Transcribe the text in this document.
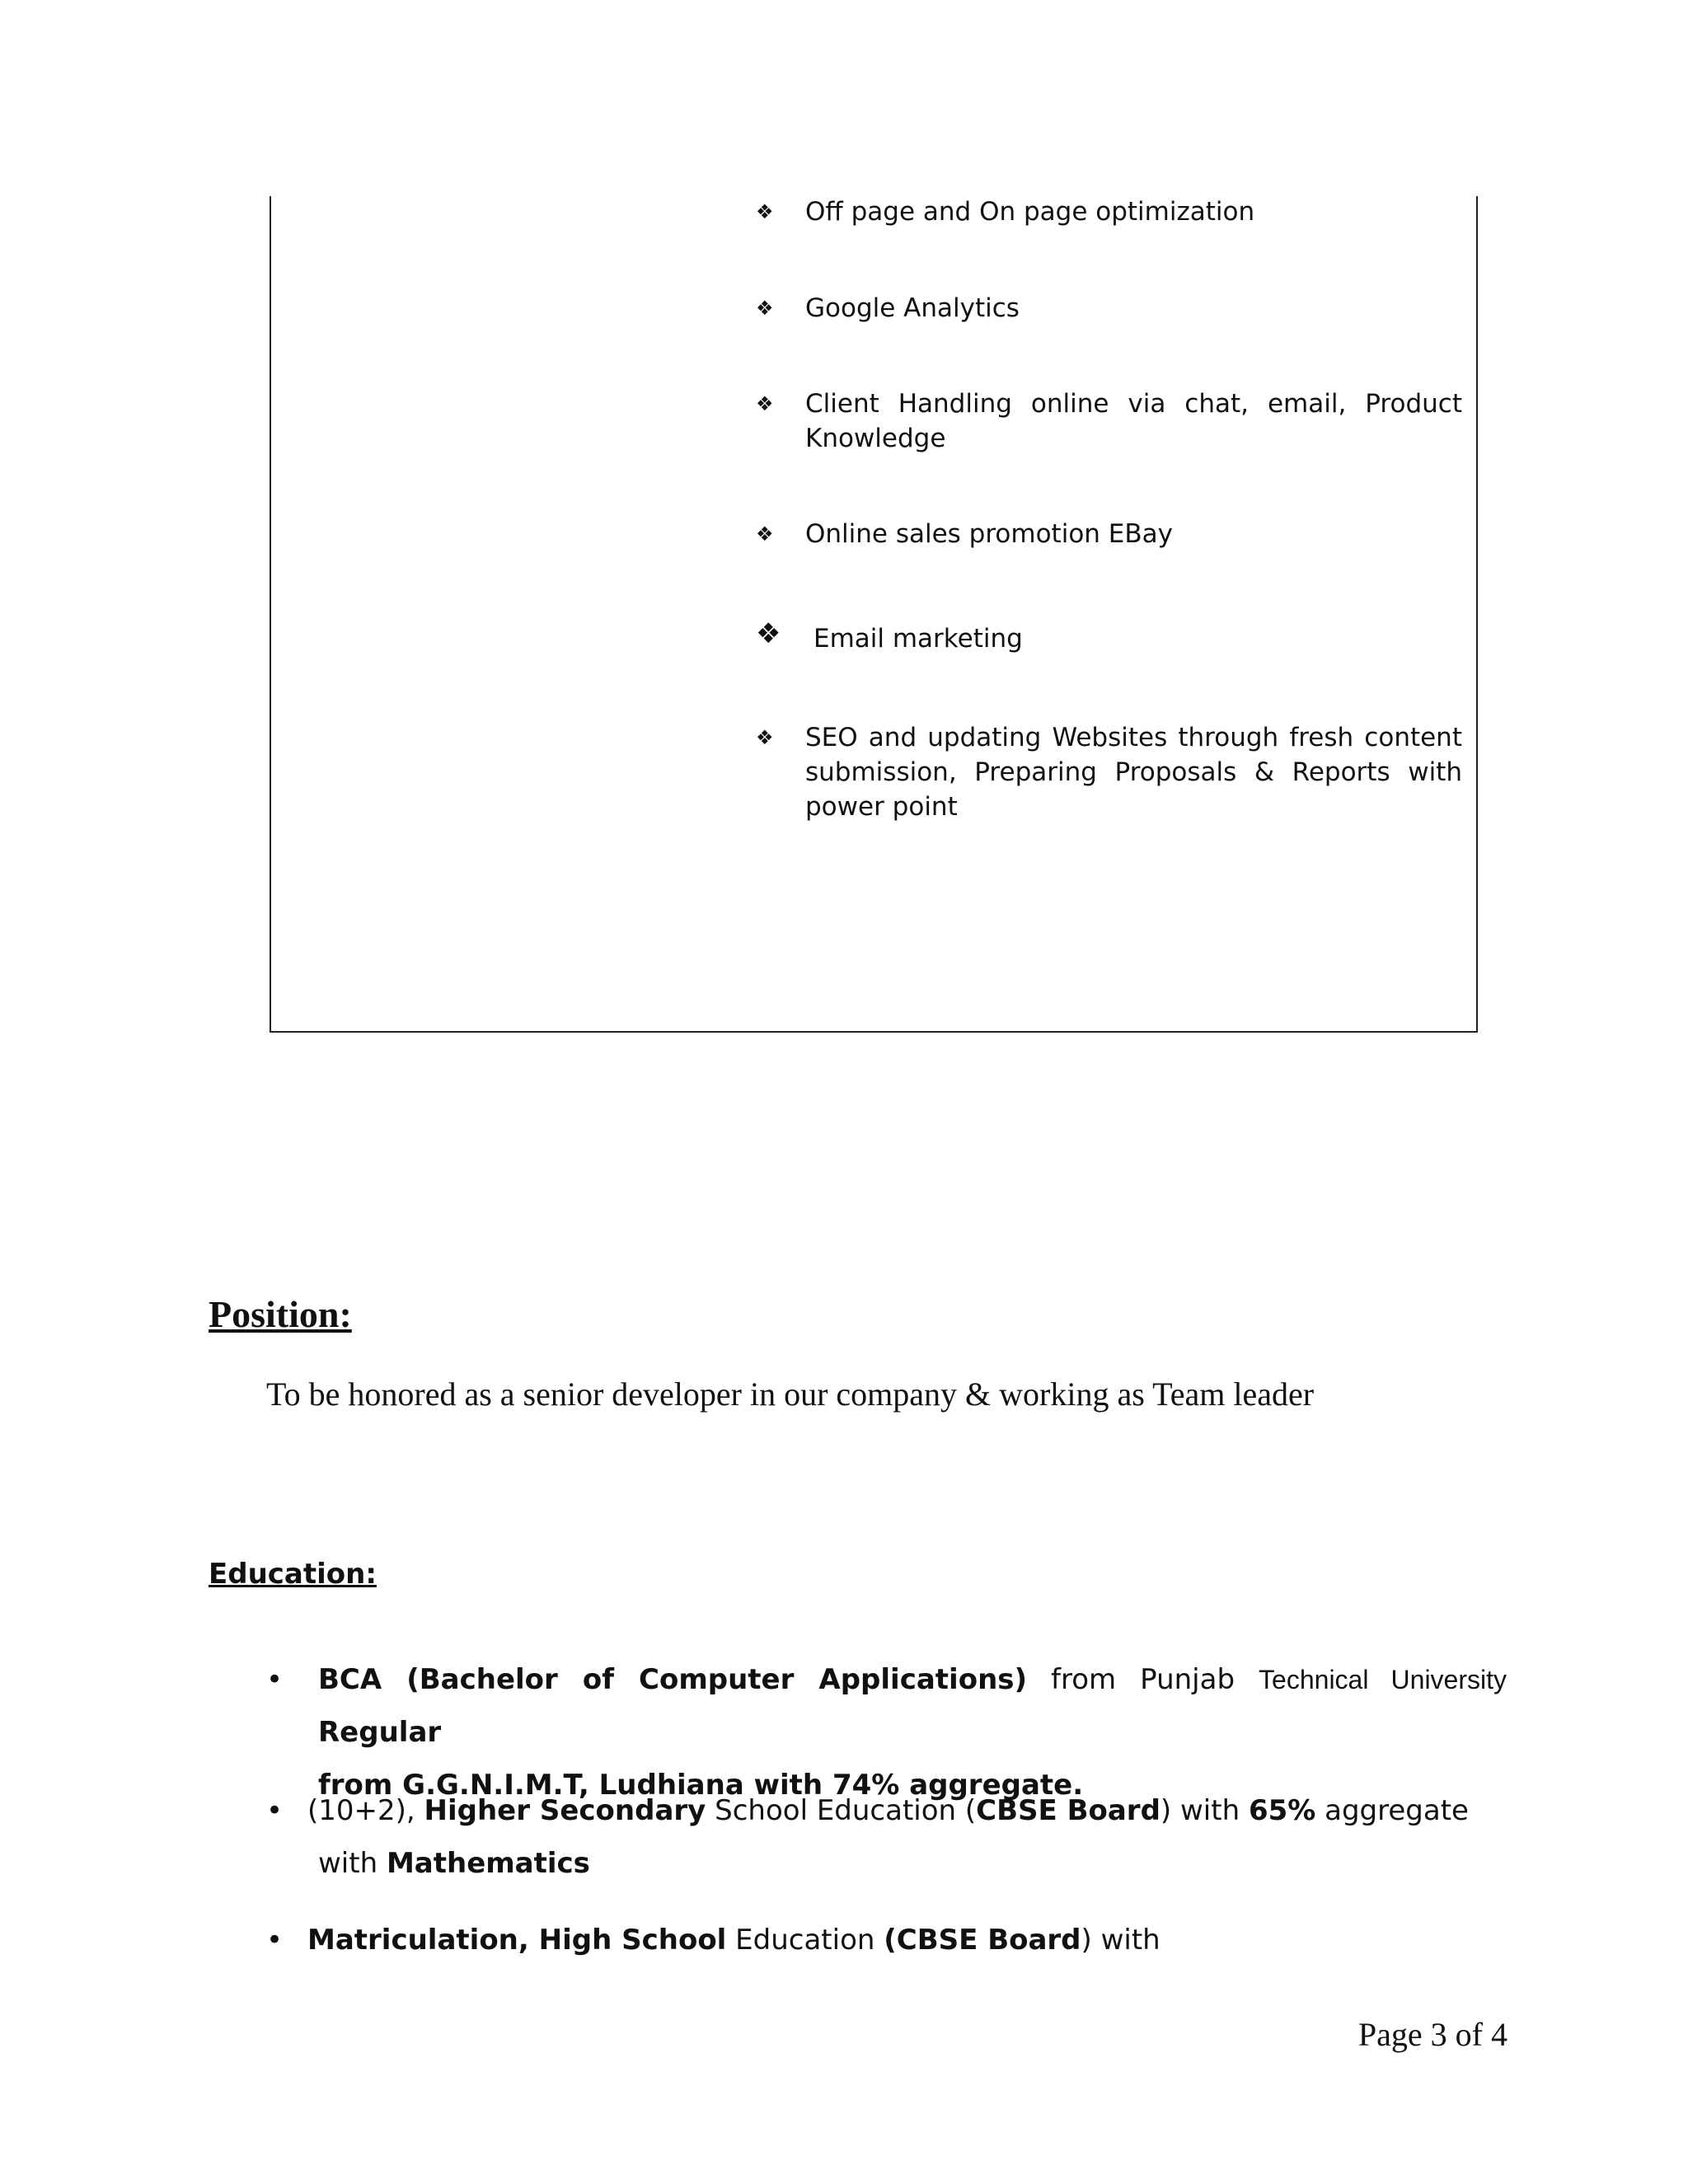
❖	Off page and On page optimization
❖	Google Analytics
❖	Client Handling online via chat, email, Product Knowledge
❖	Online sales promotion EBay
❖	Email marketing
❖	SEO and updating Websites through fresh content submission, Preparing Proposals & Reports with power point
Position:

To be honored as a senior developer in our company & working as Team leader

Education:
• BCA (Bachelor of Computer Applications) from Punjab Technical University Regular
from G.G.N.I.M.T, Ludhiana with 74% aggregate.
• (10+2), Higher Secondary School Education (CBSE Board) with 65% aggregate
with Mathematics
• Matriculation, High School Education (CBSE Board) with

Page 3 of 4
